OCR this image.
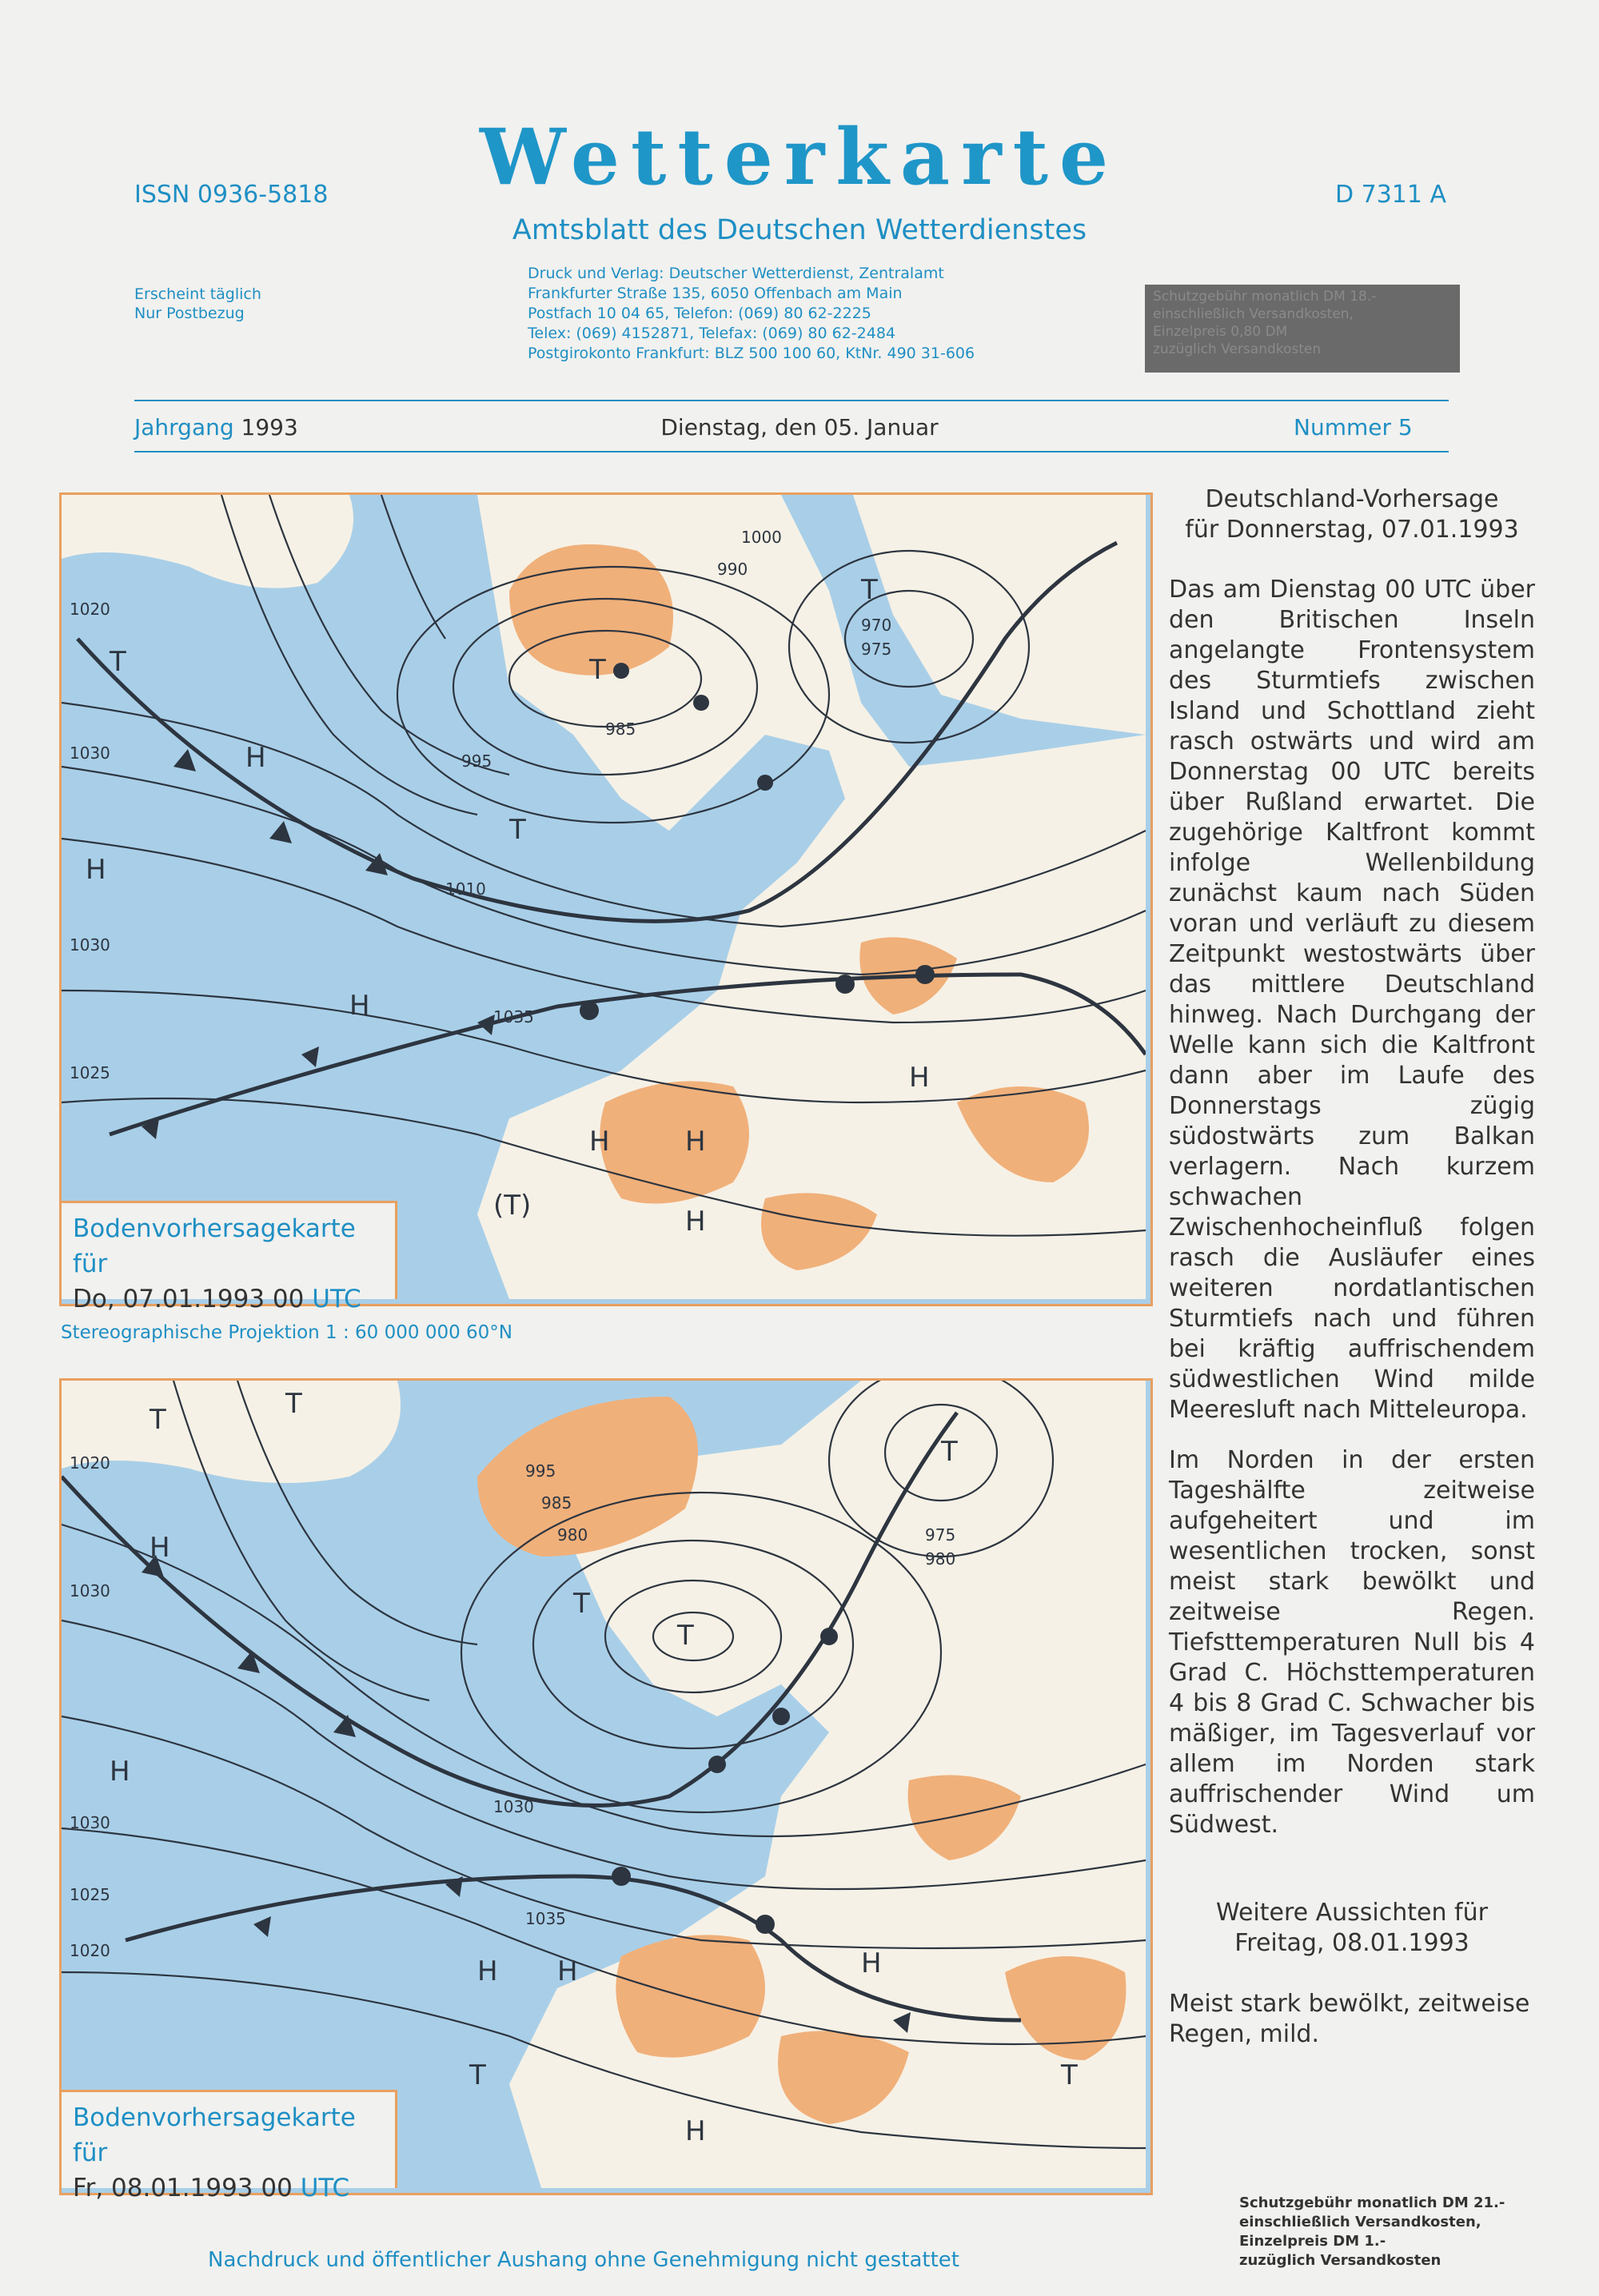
Wetterkarte
Amtsblatt des Deutschen Wetterdienstes
ISSN 0936-5818	D 7311 A
Erscheint täglich
Nur Postbezug
Druck und Verlag: Deutscher Wetterdienst, Zentralamt
Frankfurter Straße 135, 6050 Offenbach am Main
Postfach 10 04 65, Telefon: (069) 80 62-2225
Telex: (069) 4152871, Telefax: (069) 80 62-2484
Postgirokonto Frankfurt: BLZ 500 100 60, KtNr. 490 31-606
Schutzgebühr monatlich DM 18.-
einschließlich Versandkosten,
Einzelpreis 0,80 DM
zuzüglich Versandkosten
Jahrgang 1993	Dienstag, den 05. Januar	Nummer 5
T
H
H
H
T
T
T
H	H
H
(T)	H
1020
1030
1030
1025
995
985
970
975
990
1000
1010
1035
Bodenvorhersagekarte für
Do, 07.01.1993 00 UTC
Stereographische Projektion 1 : 60 000 000 60°N
T
H
H
T
T
T
T
H H
T
H
H
T
1020
1030
1030
1025
1020
995
985
980	975
980
1030
1035
Bodenvorhersagekarte für
Fr, 08.01.1993 00 UTC
Deutschland-Vorhersage
für Donnerstag, 07.01.1993
Das am Dienstag 00 UTC über den Britischen Inseln angelangte Frontensystem des Sturmtiefs zwischen Island und Schottland zieht rasch ostwärts und wird am Donnerstag 00 UTC bereits über Rußland erwartet. Die zugehörige Kaltfront kommt infolge Wellenbildung zunächst kaum nach Süden voran und verläuft zu diesem Zeitpunkt westostwärts über das mittlere Deutschland hinweg. Nach Durchgang der Welle kann sich die Kaltfront dann aber im Laufe des Donnerstags zügig südostwärts zum Balkan verlagern. Nach kurzem schwachen Zwischenhocheinfluß folgen rasch die Ausläufer eines weiteren nordatlantischen Sturmtiefs nach und führen bei kräftig auffrischendem südwestlichen Wind milde Meeresluft nach Mitteleuropa.
Im Norden in der ersten Tageshälfte zeitweise aufgeheitert und im wesentlichen trocken, sonst meist stark bewölkt und zeitweise Regen. Tiefsttemperaturen Null bis 4 Grad C. Höchsttemperaturen 4 bis 8 Grad C. Schwacher bis mäßiger, im Tagesverlauf vor allem im Norden stark auffrischender Wind um Südwest.
Weitere Aussichten für
Freitag, 08.01.1993
Meist stark bewölkt, zeitweise Regen, mild.
Schutzgebühr monatlich DM 21.-
einschließlich Versandkosten,
Einzelpreis DM 1.-
zuzüglich Versandkosten
Nachdruck und öffentlicher Aushang ohne Genehmigung nicht gestattet
